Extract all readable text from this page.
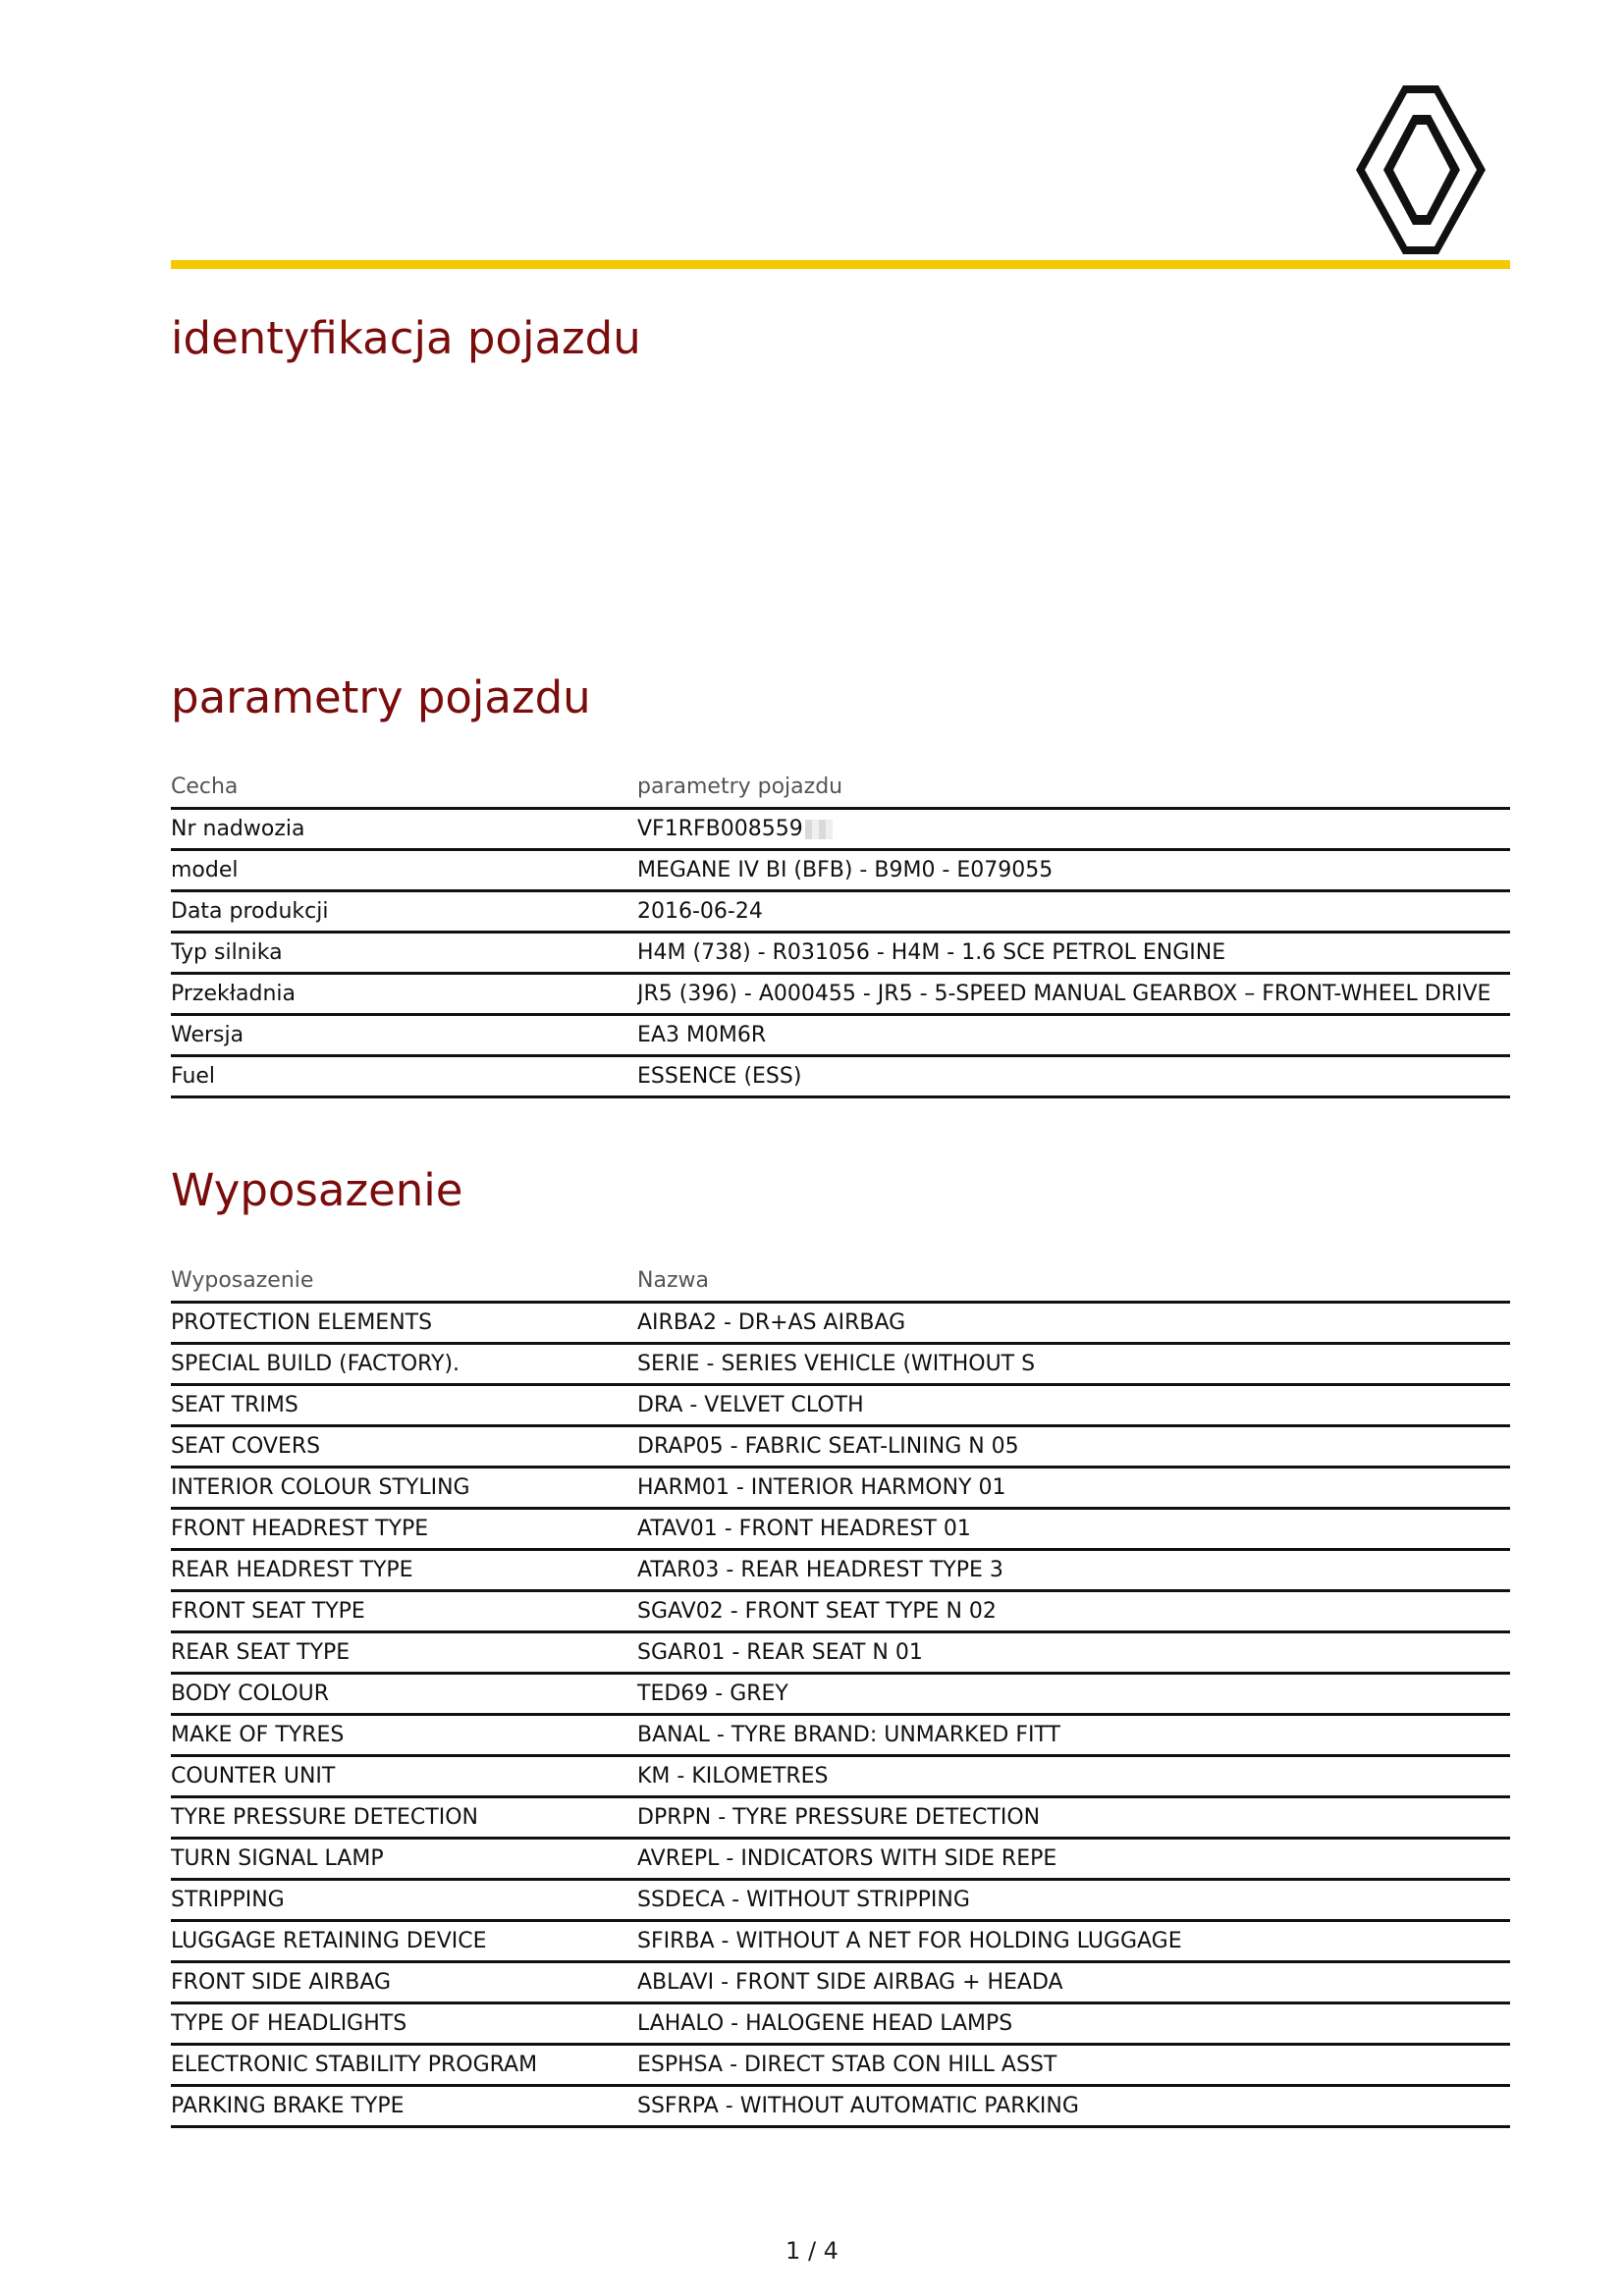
identyfikacja pojazdu
parametry pojazdu
Cecha	parametry pojazdu
Nr nadwozia	VF1RFB008559
model	MEGANE IV BI (BFB) - B9M0 - E079055
Data produkcji	2016-06-24
Typ silnika	H4M (738) - R031056 - H4M - 1.6 SCE PETROL ENGINE
Przekładnia	JR5 (396) - A000455 - JR5 - 5-SPEED MANUAL GEARBOX – FRONT-WHEEL DRIVE
Wersja	EA3 M0M6R
Fuel	ESSENCE (ESS)
Wyposazenie
Wyposazenie	Nazwa
PROTECTION ELEMENTS	AIRBA2 - DR+AS AIRBAG
SPECIAL BUILD (FACTORY).	SERIE - SERIES VEHICLE (WITHOUT S
SEAT TRIMS	DRA - VELVET CLOTH
SEAT COVERS	DRAP05 - FABRIC SEAT-LINING N 05
INTERIOR COLOUR STYLING	HARM01 - INTERIOR HARMONY 01
FRONT HEADREST TYPE	ATAV01 - FRONT HEADREST 01
REAR HEADREST TYPE	ATAR03 - REAR HEADREST TYPE 3
FRONT SEAT TYPE	SGAV02 - FRONT SEAT TYPE N 02
REAR SEAT TYPE	SGAR01 - REAR SEAT N 01
BODY COLOUR	TED69 - GREY
MAKE OF TYRES	BANAL - TYRE BRAND: UNMARKED FITT
COUNTER UNIT	KM - KILOMETRES
TYRE PRESSURE DETECTION	DPRPN - TYRE PRESSURE DETECTION
TURN SIGNAL LAMP	AVREPL - INDICATORS WITH SIDE REPE
STRIPPING	SSDECA - WITHOUT STRIPPING
LUGGAGE RETAINING DEVICE	SFIRBA - WITHOUT A NET FOR HOLDING LUGGAGE
FRONT SIDE AIRBAG	ABLAVI - FRONT SIDE AIRBAG + HEADA
TYPE OF HEADLIGHTS	LAHALO - HALOGENE HEAD LAMPS
ELECTRONIC STABILITY PROGRAM	ESPHSA - DIRECT STAB CON HILL ASST
PARKING BRAKE TYPE	SSFRPA - WITHOUT AUTOMATIC PARKING
1 / 4
